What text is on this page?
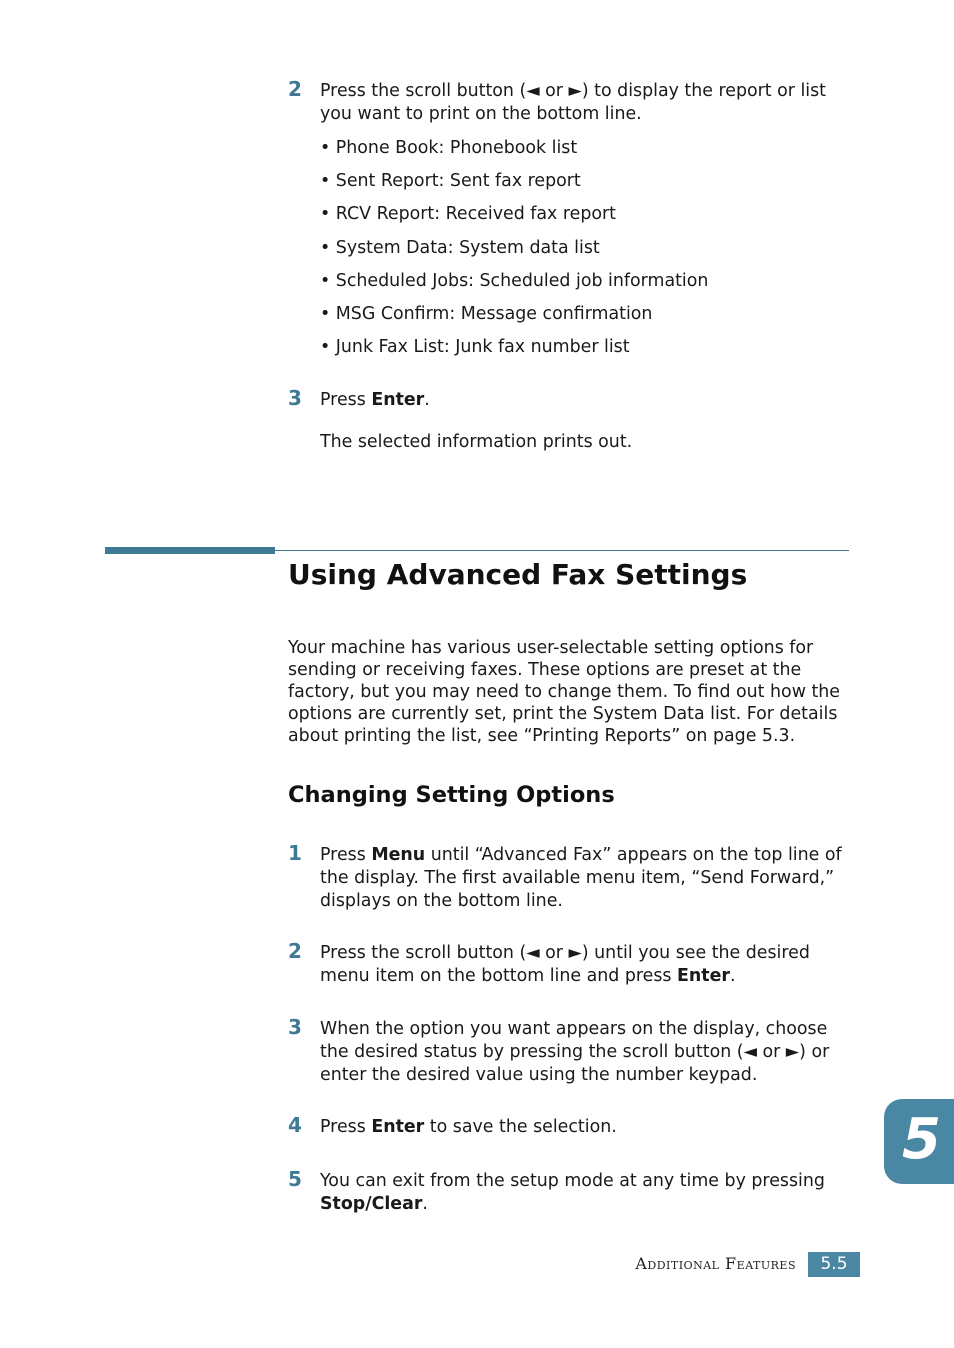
2 Press the scroll button (◄ or ►) to display the report or list you want to print on the bottom line.
• Phone Book: Phonebook list
• Sent Report: Sent fax report
• RCV Report: Received fax report
• System Data: System data list
• Scheduled Jobs: Scheduled job information
• MSG Confirm: Message confirmation
• Junk Fax List: Junk fax number list
3 Press Enter.
The selected information prints out.
Using Advanced Fax Settings
Your machine has various user-selectable setting options for sending or receiving faxes. These options are preset at the factory, but you may need to change them. To find out how the options are currently set, print the System Data list. For details about printing the list, see “Printing Reports” on page 5.3.
Changing Setting Options
1 Press Menu until “Advanced Fax” appears on the top line of the display. The first available menu item, “Send Forward,” displays on the bottom line.
2 Press the scroll button (◄ or ►) until you see the desired menu item on the bottom line and press Enter.
3 When the option you want appears on the display, choose the desired status by pressing the scroll button (◄ or ►) or enter the desired value using the number keypad.
4 Press Enter to save the selection.
5 You can exit from the setup mode at any time by pressing Stop/Clear.
5
Additional Features	5.5
